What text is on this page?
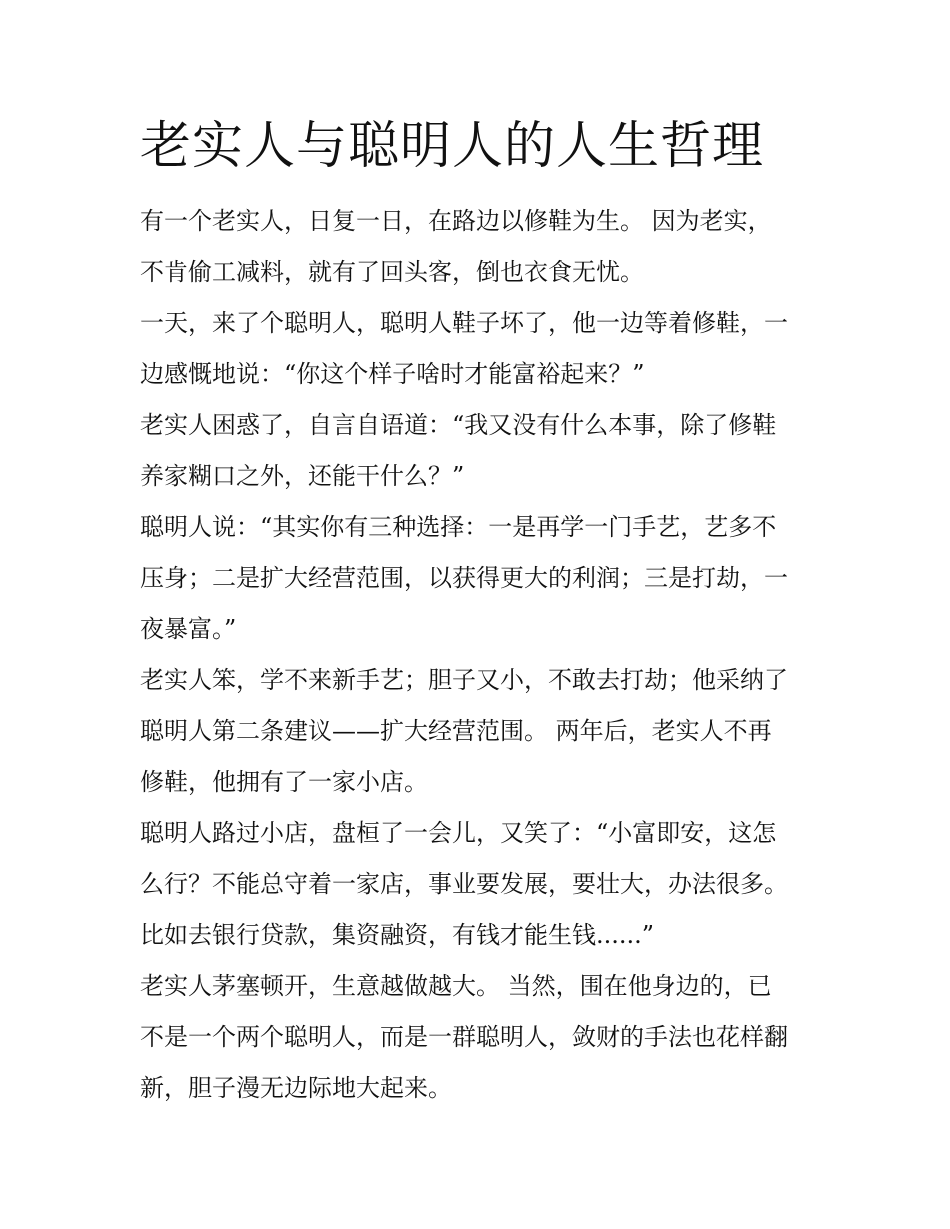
老实人与聪明人的人生哲理
有一个老实人，日复一日，在路边以修鞋为生。 因为老实，
不肯偷工减料，就有了回头客，倒也衣食无忧。
一天，来了个聪明人，聪明人鞋子坏了，他一边等着修鞋，一
边感慨地说：“你这个样子啥时才能富裕起来？”
老实人困惑了，自言自语道：“我又没有什么本事，除了修鞋
养家糊口之外，还能干什么？”
聪明人说：“其实你有三种选择：一是再学一门手艺，艺多不
压身；二是扩大经营范围，以获得更大的利润；三是打劫，一
夜暴富。”
老实人笨，学不来新手艺；胆子又小，不敢去打劫；他采纳了
聪明人第二条建议——扩大经营范围。 两年后，老实人不再
修鞋，他拥有了一家小店。
聪明人路过小店，盘桓了一会儿，又笑了：“小富即安，这怎
么行？不能总守着一家店，事业要发展，要壮大，办法很多。
比如去银行贷款，集资融资，有钱才能生钱......”
老实人茅塞顿开，生意越做越大。 当然，围在他身边的，已
不是一个两个聪明人，而是一群聪明人，敛财的手法也花样翻
新，胆子漫无边际地大起来。
